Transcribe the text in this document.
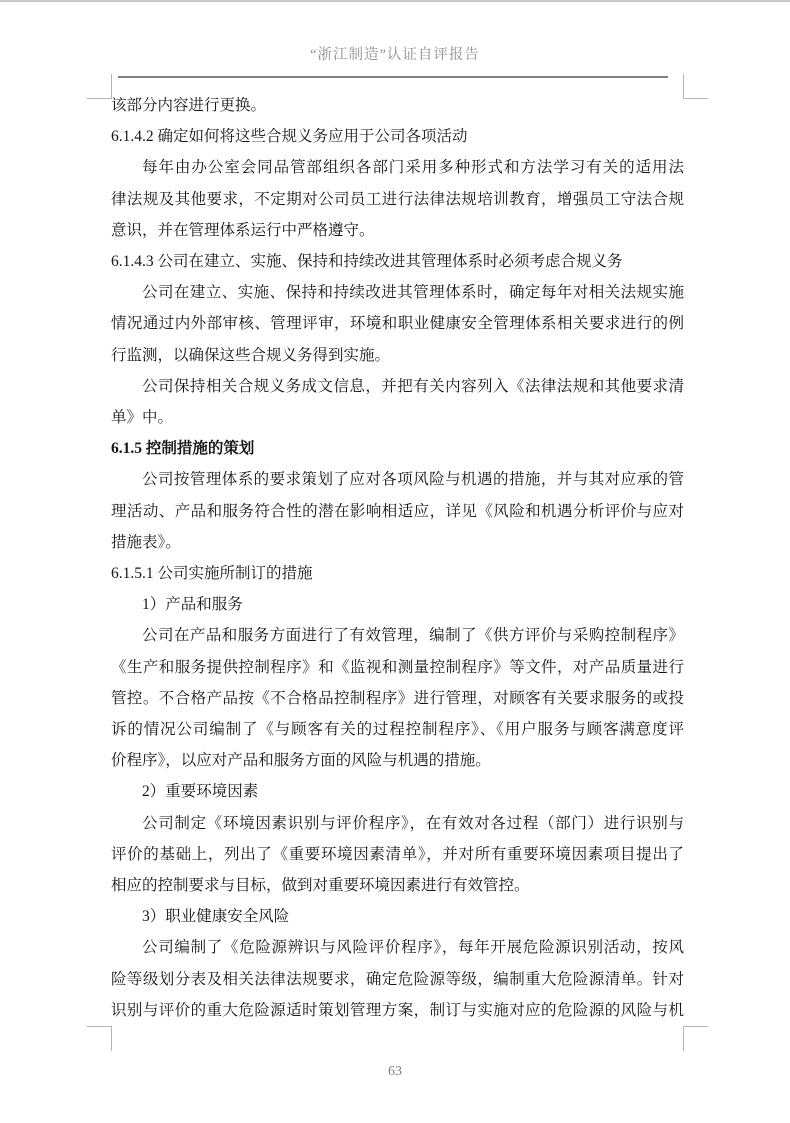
“浙江制造”认证自评报告
该部分内容进行更换。
6.1.4.2 确定如何将这些合规义务应用于公司各项活动
每年由办公室会同品管部组织各部门采用多种形式和方法学习有关的适用法
律法规及其他要求，不定期对公司员工进行法律法规培训教育，增强员工守法合规
意识，并在管理体系运行中严格遵守。
6.1.4.3 公司在建立、实施、保持和持续改进其管理体系时必须考虑合规义务
公司在建立、实施、保持和持续改进其管理体系时，确定每年对相关法规实施
情况通过内外部审核、管理评审，环境和职业健康安全管理体系相关要求进行的例
行监测，以确保这些合规义务得到实施。
公司保持相关合规义务成文信息，并把有关内容列入《法律法规和其他要求清
单》中。
6.1.5 控制措施的策划
公司按管理体系的要求策划了应对各项风险与机遇的措施，并与其对应承的管
理活动、产品和服务符合性的潜在影响相适应，详见《风险和机遇分析评价与应对
措施表》。
6.1.5.1 公司实施所制订的措施
1）产品和服务
公司在产品和服务方面进行了有效管理，编制了《供方评价与采购控制程序》
《生产和服务提供控制程序》和《监视和测量控制程序》等文件，对产品质量进行
管控。不合格产品按《不合格品控制程序》进行管理，对顾客有关要求服务的或投
诉的情况公司编制了《与顾客有关的过程控制程序》、《用户服务与顾客满意度评
价程序》，以应对产品和服务方面的风险与机遇的措施。
2）重要环境因素
公司制定《环境因素识别与评价程序》，在有效对各过程（部门）进行识别与
评价的基础上，列出了《重要环境因素清单》，并对所有重要环境因素项目提出了
相应的控制要求与目标，做到对重要环境因素进行有效管控。
3）职业健康安全风险
公司编制了《危险源辨识与风险评价程序》，每年开展危险源识别活动，按风
险等级划分表及相关法律法规要求，确定危险源等级，编制重大危险源清单。针对
识别与评价的重大危险源适时策划管理方案，制订与实施对应的危险源的风险与机
63
